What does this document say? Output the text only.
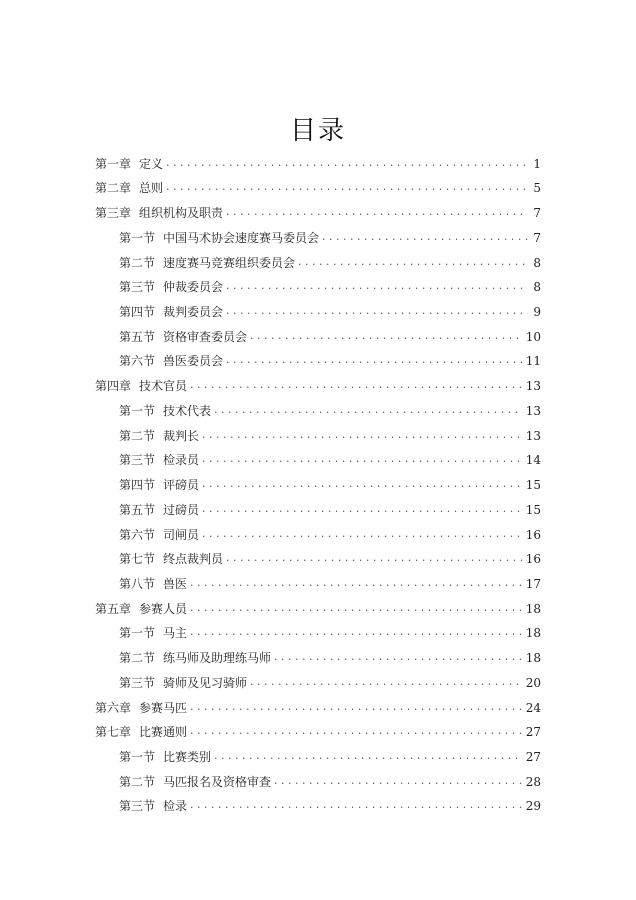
目录
第一章 定义 . . .	1
第二章 总则 . . .	5
第三章 组织机构及职责 . . .	7
第一节 中国马术协会速度赛马委员会 . . .	7
第二节 速度赛马竞赛组织委员会 . . .	8
第三节 仲裁委员会 . . .	8
第四节 裁判委员会 . . .	9
第五节 资格审查委员会 . . .	10
第六节 兽医委员会 . . .	11
第四章 技术官员 . . .	13
第一节 技术代表 . . .	13
第二节 裁判长 . . .	13
第三节 检录员 . . .	14
第四节 评磅员 . . .	15
第五节 过磅员 . . .	15
第六节 司闸员 . . .	16
第七节 终点裁判员 . . .	16
第八节 兽医 . . .	17
第五章 参赛人员 . . .	18
第一节 马主 . . .	18
第二节 练马师及助理练马师 . . .	18
第三节 骑师及见习骑师 . . .	20
第六章 参赛马匹 . . .	24
第七章 比赛通则 . . .	27
第一节 比赛类别 . . .	27
第二节 马匹报名及资格审查 . . .	28
第三节 检录 . . .	29
